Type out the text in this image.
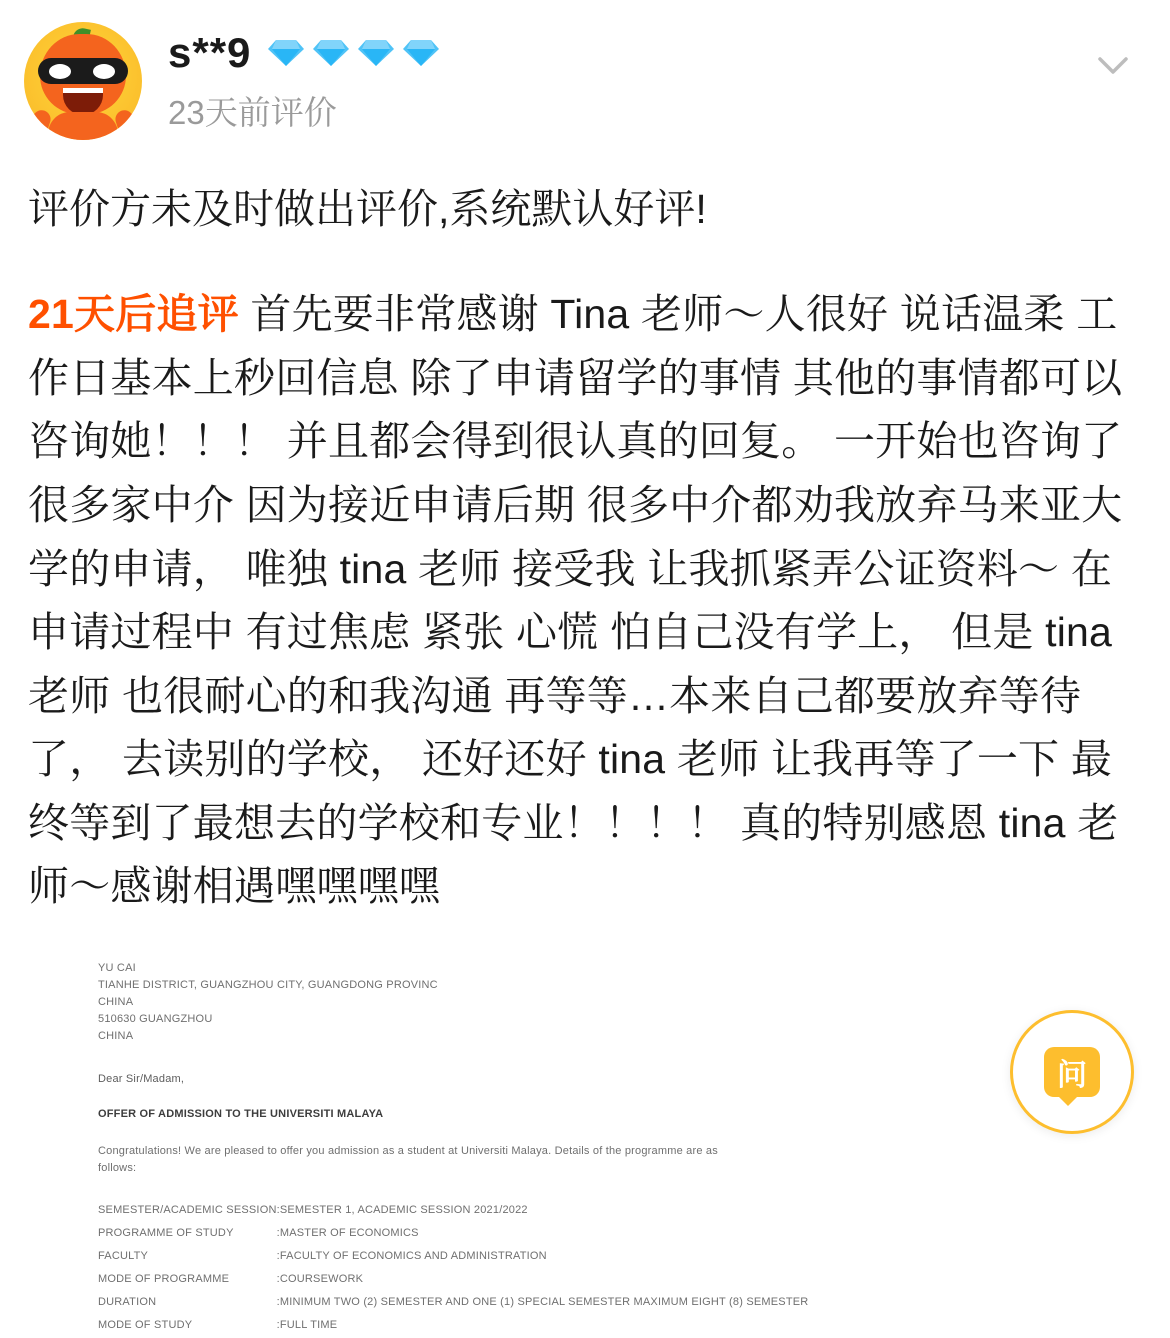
s**9
23天前评价

评价方未及时做出评价,系统默认好评!

21天后追评 首先要非常感谢 Tina 老师～人很好 说话温柔 工作日基本上秒回信息 除了申请留学的事情 其他的事情都可以咨询她！！！ 并且都会得到很认真的回复。 一开始也咨询了很多家中介 因为接近申请后期 很多中介都劝我放弃马来亚大学的申请， 唯独 tina 老师 接受我 让我抓紧弄公证资料～ 在申请过程中 有过焦虑 紧张 心慌 怕自己没有学上， 但是 tina 老师 也很耐心的和我沟通 再等等…本来自己都要放弃等待了， 去读别的学校， 还好还好 tina 老师 让我再等了一下 最终等到了最想去的学校和专业！！！！ 真的特别感恩 tina 老师～感谢相遇嘿嘿嘿嘿

YU CAI
TIANHE DISTRICT, GUANGZHOU CITY, GUANGDONG PROVINC
CHINA
510630 GUANGZHOU
CHINA
Dear Sir/Madam,
OFFER OF ADMISSION TO THE UNIVERSITI MALAYA
Congratulations! We are pleased to offer you admission as a student at Universiti Malaya. Details of the programme are as follows:
SEMESTER/ACADEMIC SESSION	:	SEMESTER 1, ACADEMIC SESSION 2021/2022
PROGRAMME OF STUDY	:	MASTER OF ECONOMICS
FACULTY	:	FACULTY OF ECONOMICS AND ADMINISTRATION
MODE OF PROGRAMME	:	COURSEWORK
DURATION	:	MINIMUM TWO (2) SEMESTER AND ONE (1) SPECIAL SEMESTER MAXIMUM EIGHT (8) SEMESTER
MODE OF STUDY	:	FULL TIME
问
